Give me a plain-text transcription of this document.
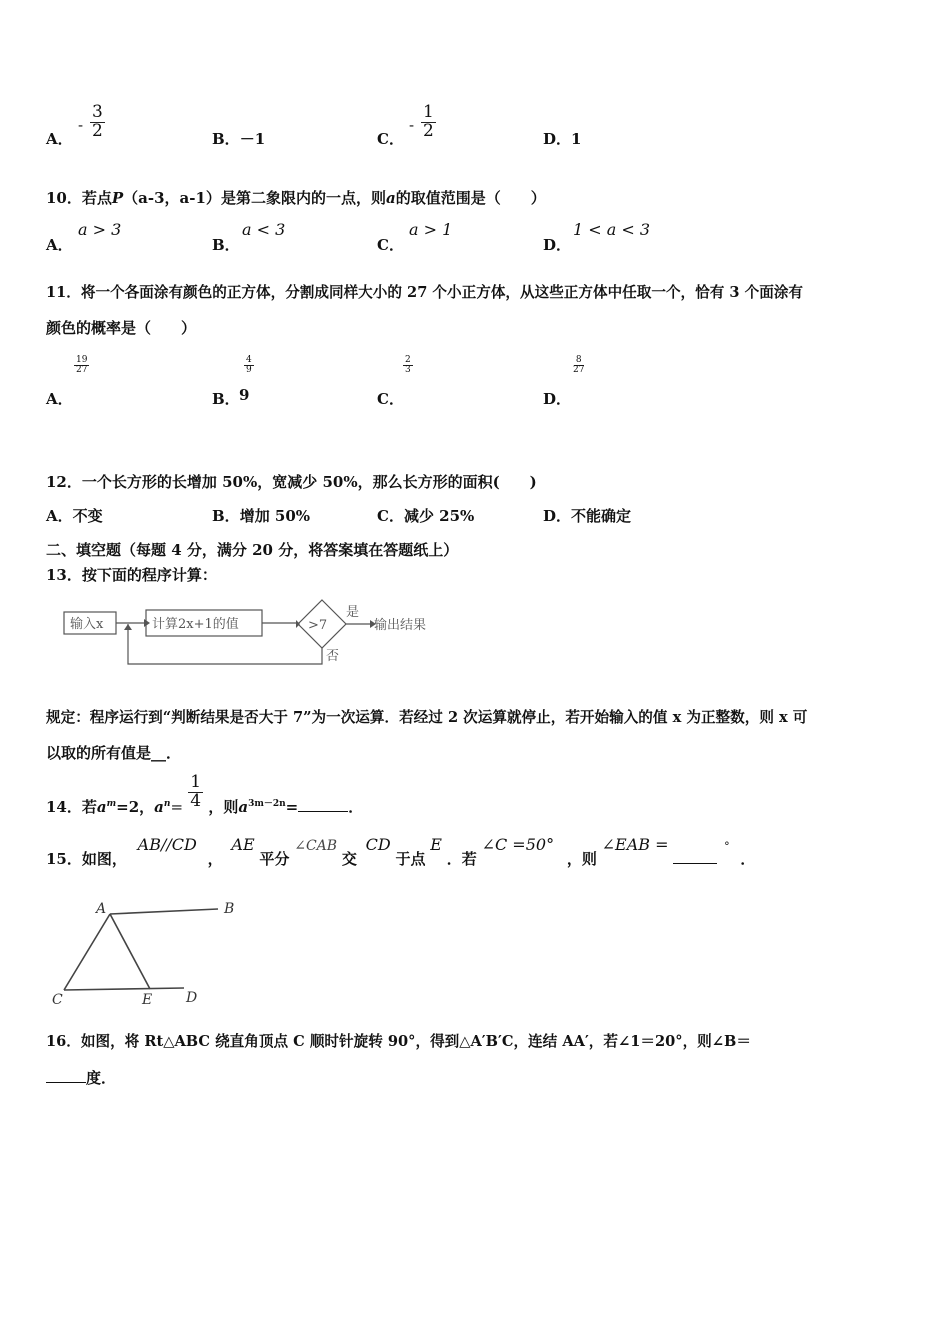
A．
- $\frac{3}{2}$	B．－1	C．
- $\frac{1}{2}$	D．1
10．若点P（a-3，a-1）是第二象限内的一点，则a的取值范围是（　　）
A．
a > 3
B．
a < 3
C．
a > 1
D．
1 < a < 3
11．将一个各面涂有颜色的正方体，分割成同样大小的 27 个小正方体，从这些正方体中任取一个，恰有 3 个面涂有
颜色的概率是（　　）
A．
$\frac{19}{27}$
B．
$\frac{4}{9}$
9	C．
$\frac{2}{3}$
D．
$\frac{8}{27}$
12．一个长方形的长增加 50%，宽减少 50%，那么长方形的面积(　　)
A．不变	B．增加 50%	C．减少 25%	D．不能确定
二、填空题（每题 4 分，满分 20 分，将答案填在答题纸上）
13．按下面的程序计算：
输入x	计算2x+1的值	>7
是
否
输出结果
规定：程序运行到“判断结果是否大于 7”为一次运算．若经过 2 次运算就停止，若开始输入的值 x 为正整数，则 x 可
以取的所有值是__．
14．若$a^m=2$，$a^n= \frac{1}{4}$ ，则$a^{3m-2n}=$	．
15．如图， AB//CD ， AE 平分 ∠CAB 交 CD 于点 E ．若 ∠C =50° ，则 ∠EAB =	° ．
A	B
C	E D
16．如图，将 Rt△ABC 绕直角顶点 C 顺时针旋转 90°，得到△A′B′C，连结 AA′，若∠1＝20°，则∠B＝
度．
